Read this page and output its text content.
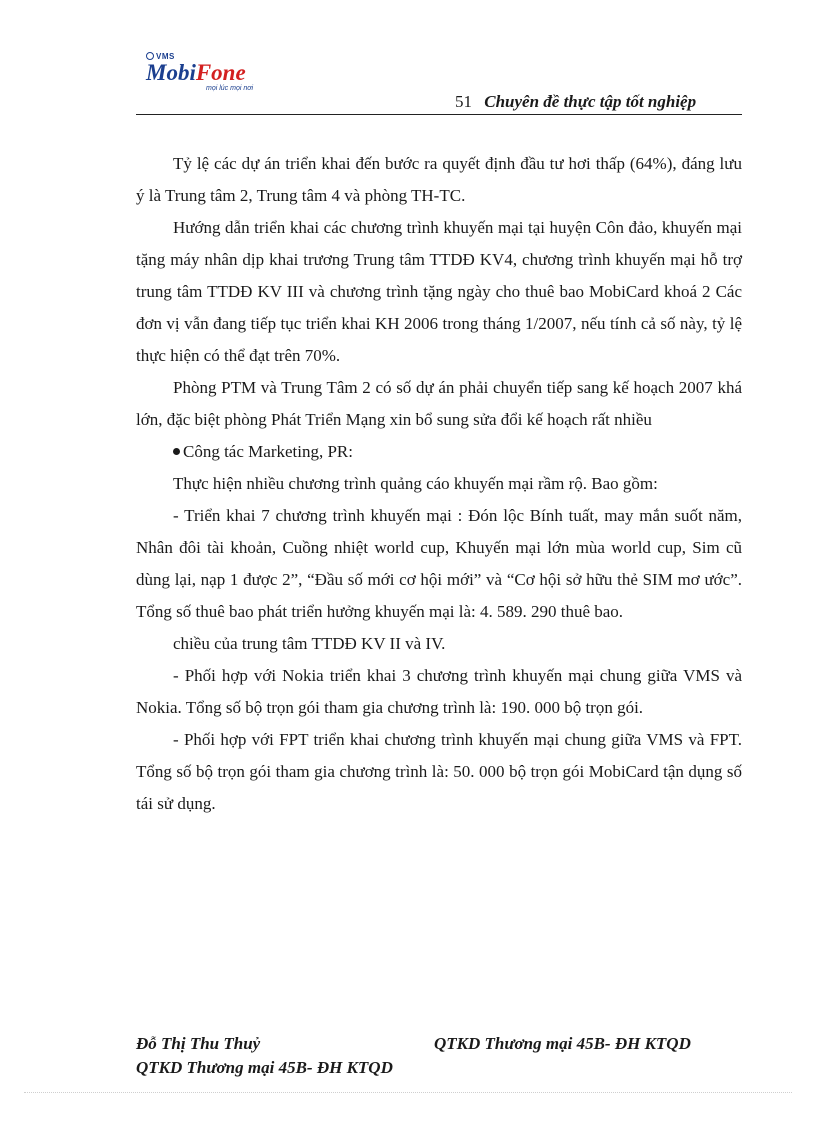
VMS
MobiFone
mọi lúc mọi nơi
51 Chuyên đề thực tập tốt nghiệp

Tỷ lệ các dự án triển khai đến bước ra quyết định đầu tư hơi thấp (64%), đáng lưu ý là Trung tâm 2, Trung tâm 4 và phòng TH-TC.

Hướng dẫn triển khai các chương trình khuyến mại tại huyện Côn đảo, khuyến mại tặng máy nhân dịp khai trương Trung tâm TTDĐ KV4, chương trình khuyến mại hỗ trợ trung tâm TTDĐ KV III và chương trình tặng ngày cho thuê bao MobiCard khoá 2 Các đơn vị vẫn đang tiếp tục triển khai KH 2006 trong tháng 1/2007, nếu tính cả số này, tỷ lệ thực hiện có thể đạt trên 70%.

Phòng PTM và Trung Tâm 2 có số dự án phải chuyển tiếp sang kế hoạch 2007 khá lớn, đặc biệt phòng Phát Triển Mạng xin bổ sung sửa đổi kế hoạch rất nhiều

Công tác Marketing, PR:

Thực hiện nhiều chương trình quảng cáo khuyến mại rầm rộ. Bao gồm:

- Triển khai 7 chương trình khuyến mại : Đón lộc Bính tuất, may mắn suốt năm, Nhân đôi tài khoản, Cuồng nhiệt world cup, Khuyến mại lớn mùa world cup, Sim cũ dùng lại, nạp 1 được 2”, “Đầu số mới cơ hội mới” và “Cơ hội sở hữu thẻ SIM mơ ước”. Tổng số thuê bao phát triển hưởng khuyến mại là: 4. 589. 290 thuê bao.

chiều của trung tâm TTDĐ KV II và IV.

- Phối hợp với Nokia triển khai 3 chương trình khuyến mại chung giữa VMS và Nokia. Tổng số bộ trọn gói tham gia chương trình là: 190. 000 bộ trọn gói.

- Phối hợp với FPT triển khai chương trình khuyến mại chung giữa VMS và FPT. Tổng số bộ trọn gói tham gia chương trình là: 50. 000 bộ trọn gói MobiCard tận dụng số tái sử dụng.

Đỗ Thị Thu Thuỷ	QTKD Thương mại 45B- ĐH KTQD
QTKD Thương mại 45B- ĐH KTQD
